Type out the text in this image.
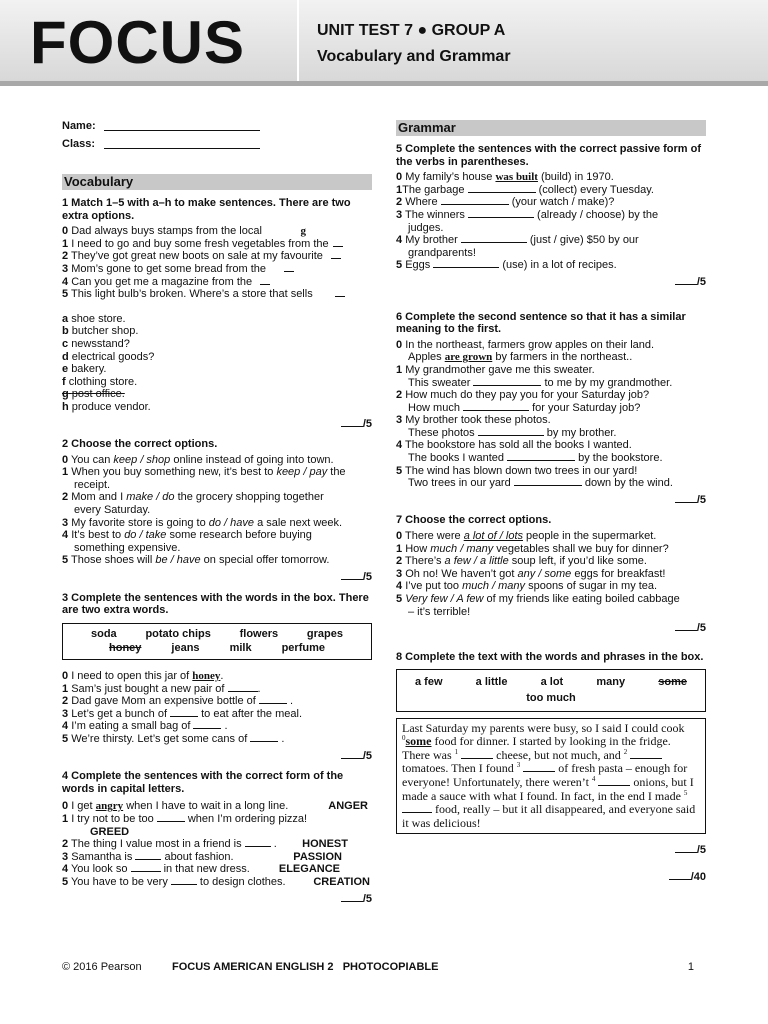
FOCUS	UNIT TEST 7 ● GROUP A
Vocabulary and Grammar
Name:
Class:
Vocabulary
1 Match 1–5 with a–h to make sentences. There are two extra options.
0 Dad always buys stamps from the local	g
1 I need to go and buy some fresh vegetables from the
2 They’ve got great new boots on sale at my favourite
3 Mom’s gone to get some bread from the
4 Can you get me a magazine from the
5 This light bulb’s broken. Where’s a store that sells
a shoe store.
b butcher shop.
c newsstand?
d electrical goods?
e bakery.
f clothing store.
g post office.
h produce vendor.
/5
2 Choose the correct options.
0 You can keep / shop online instead of going into town.
1 When you buy something new, it’s best to keep / pay the
receipt.
2 Mom and I make / do the grocery shopping together
every Saturday.
3 My favorite store is going to do / have a sale next week.
4 It’s best to do / take some research before buying
something expensive.
5 Those shoes will be / have on special offer tomorrow.
/5
3 Complete the sentences with the words in the box. There are two extra words.
soda	potato chips	flowers	grapes
honey	jeans	milk	perfume
0 I need to open this jar of honey.
1 Sam’s just bought a new pair of	.
2 Dad gave Mom an expensive bottle of	.
3 Let’s get a bunch of	to eat after the meal.
4 I’m eating a small bag of	.
5 We’re thirsty. Let’s get some cans of	.
/5
4 Complete the sentences with the correct form of the words in capital letters.
0 I get angry when I have to wait in a long line.	ANGER
1 I try not to be too	when I’m ordering pizza!
GREED
2 The thing I value most in a friend is  . HONEST
3 Samantha is  about fashion.	PASSION
4 You look so	in that new dress.	ELEGANCE
5 You have to be very  to design clothes.	CREATION
/5
Grammar
5 Complete the sentences with the correct passive form of the verbs in parentheses.
0 My family’s house was built (build) in 1970.
1The garbage	(collect) every Tuesday.
2 Where	(your watch / make)?
3 The winners	(already / choose) by the
judges.
4 My brother	(just / give) $50 by our
grandparents!
5 Eggs	(use) in a lot of recipes.
/5
6 Complete the second sentence so that it has a similar meaning to the first.
0 In the northeast, farmers grow apples on their land.
Apples are grown by farmers in the northeast..
1 My grandmother gave me this sweater.
This sweater	to me by my grandmother.
2 How much do they pay you for your Saturday job?
How much	for your Saturday job?
3 My brother took these photos.
These photos	by my brother.
4 The bookstore has sold all the books I wanted.
The books I wanted	by the bookstore.
5 The wind has blown down two trees in our yard!
Two trees in our yard	down by the wind.
/5
7 Choose the correct options.
0 There were a lot of / lots people in the supermarket.
1 How much / many vegetables shall we buy for dinner?
2 There’s a few / a little soup left, if you’d like some.
3 Oh no! We haven’t got any / some eggs for breakfast!
4 I’ve put too much / many spoons of sugar in my tea.
5 Very few / A few of my friends like eating boiled cabbage
– it’s terrible!
/5
8 Complete the text with the words and phrases in the box.
a few	a little	a lot	many	some
too much
Last Saturday my parents were busy, so I said I could cook $^0$some food for dinner. I started by looking in the fridge. There was $^1$	cheese, but not much, and $^2$  tomatoes. Then I found $^3$	of fresh pasta – enough for everyone! Unfortunately, there weren’t $^4$	onions, but I made a sauce with what I found. In fact, in the end I made $^5$  food, really – but it all disappeared, and everyone said it was delicious!
/5
/40
© 2016 Pearson	FOCUS AMERICAN ENGLISH 2   PHOTOCOPIABLE	1
